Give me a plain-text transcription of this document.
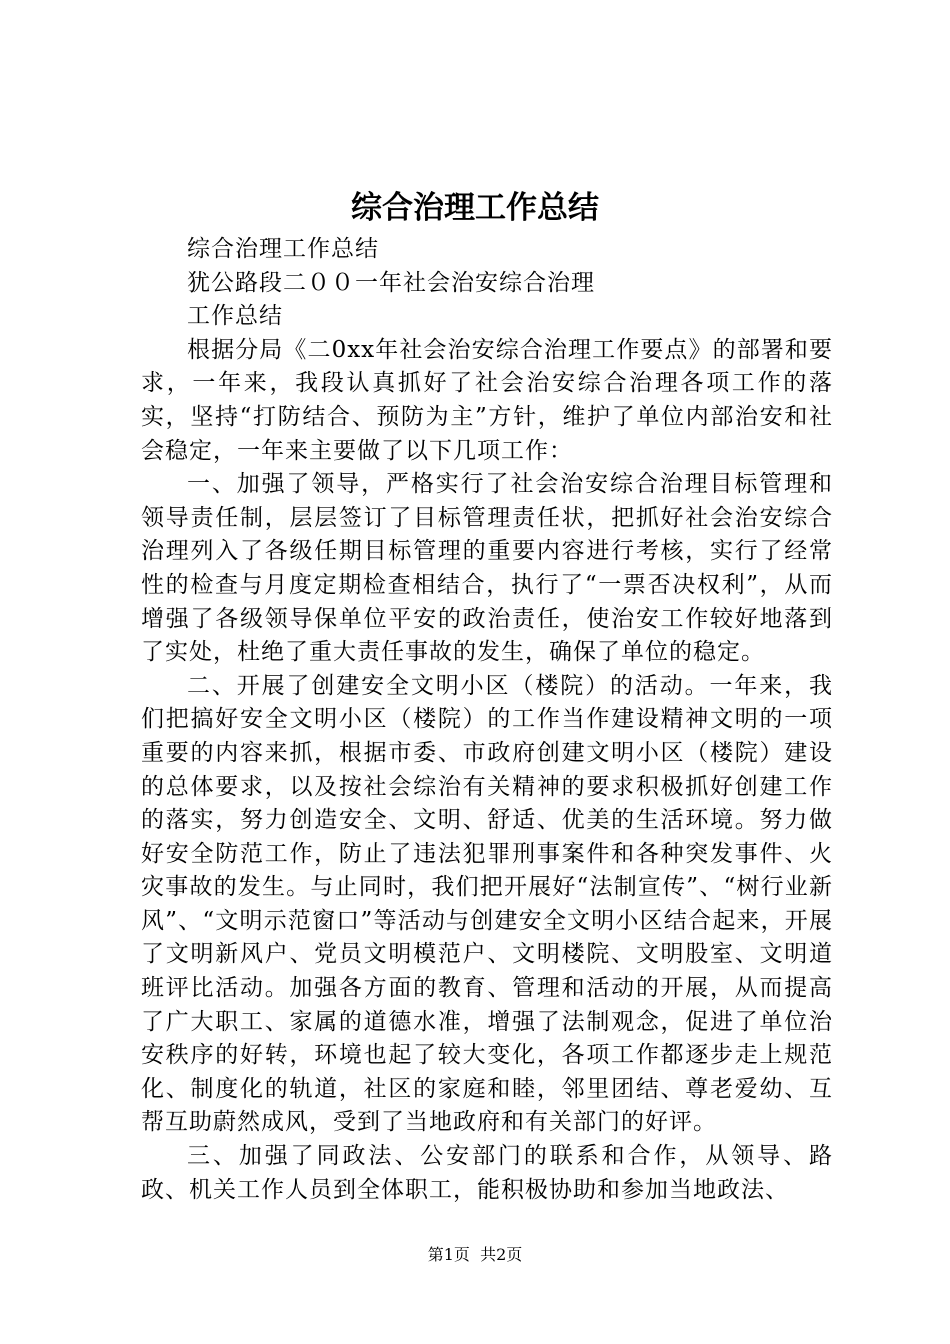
综合治理工作总结

综合治理工作总结

犹公路段二００一年社会治安综合治理

工作总结

根据分局《二0xx年社会治安综合治理工作要点》的部署和要求，一年来，我段认真抓好了社会治安综合治理各项工作的落实，坚持“打防结合、预防为主”方针，维护了单位内部治安和社会稳定，一年来主要做了以下几项工作：

一、加强了领导，严格实行了社会治安综合治理目标管理和领导责任制，层层签订了目标管理责任状，把抓好社会治安综合治理列入了各级任期目标管理的重要内容进行考核，实行了经常性的检查与月度定期检查相结合，执行了“一票否决权利”，从而增强了各级领导保单位平安的政治责任，使治安工作较好地落到了实处，杜绝了重大责任事故的发生，确保了单位的稳定。

二、开展了创建安全文明小区（楼院）的活动。一年来，我们把搞好安全文明小区（楼院）的工作当作建设精神文明的一项重要的内容来抓，根据市委、市政府创建文明小区（楼院）建设的总体要求，以及按社会综治有关精神的要求积极抓好创建工作的落实，努力创造安全、文明、舒适、优美的生活环境。努力做好安全防范工作，防止了违法犯罪刑事案件和各种突发事件、火灾事故的发生。与止同时，我们把开展好“法制宣传”、“树行业新风”、“文明示范窗口”等活动与创建安全文明小区结合起来，开展了文明新风户、党员文明模范户、文明楼院、文明股室、文明道班评比活动。加强各方面的教育、管理和活动的开展，从而提高了广大职工、家属的道德水准，增强了法制观念，促进了单位治安秩序的好转，环境也起了较大变化，各项工作都逐步走上规范化、制度化的轨道，社区的家庭和睦，邻里团结、尊老爱幼、互帮互助蔚然成风，受到了当地政府和有关部门的好评。

三、加强了同政法、公安部门的联系和合作，从领导、路政、机关工作人员到全体职工，能积极协助和参加当地政法、

第1页  共2页
